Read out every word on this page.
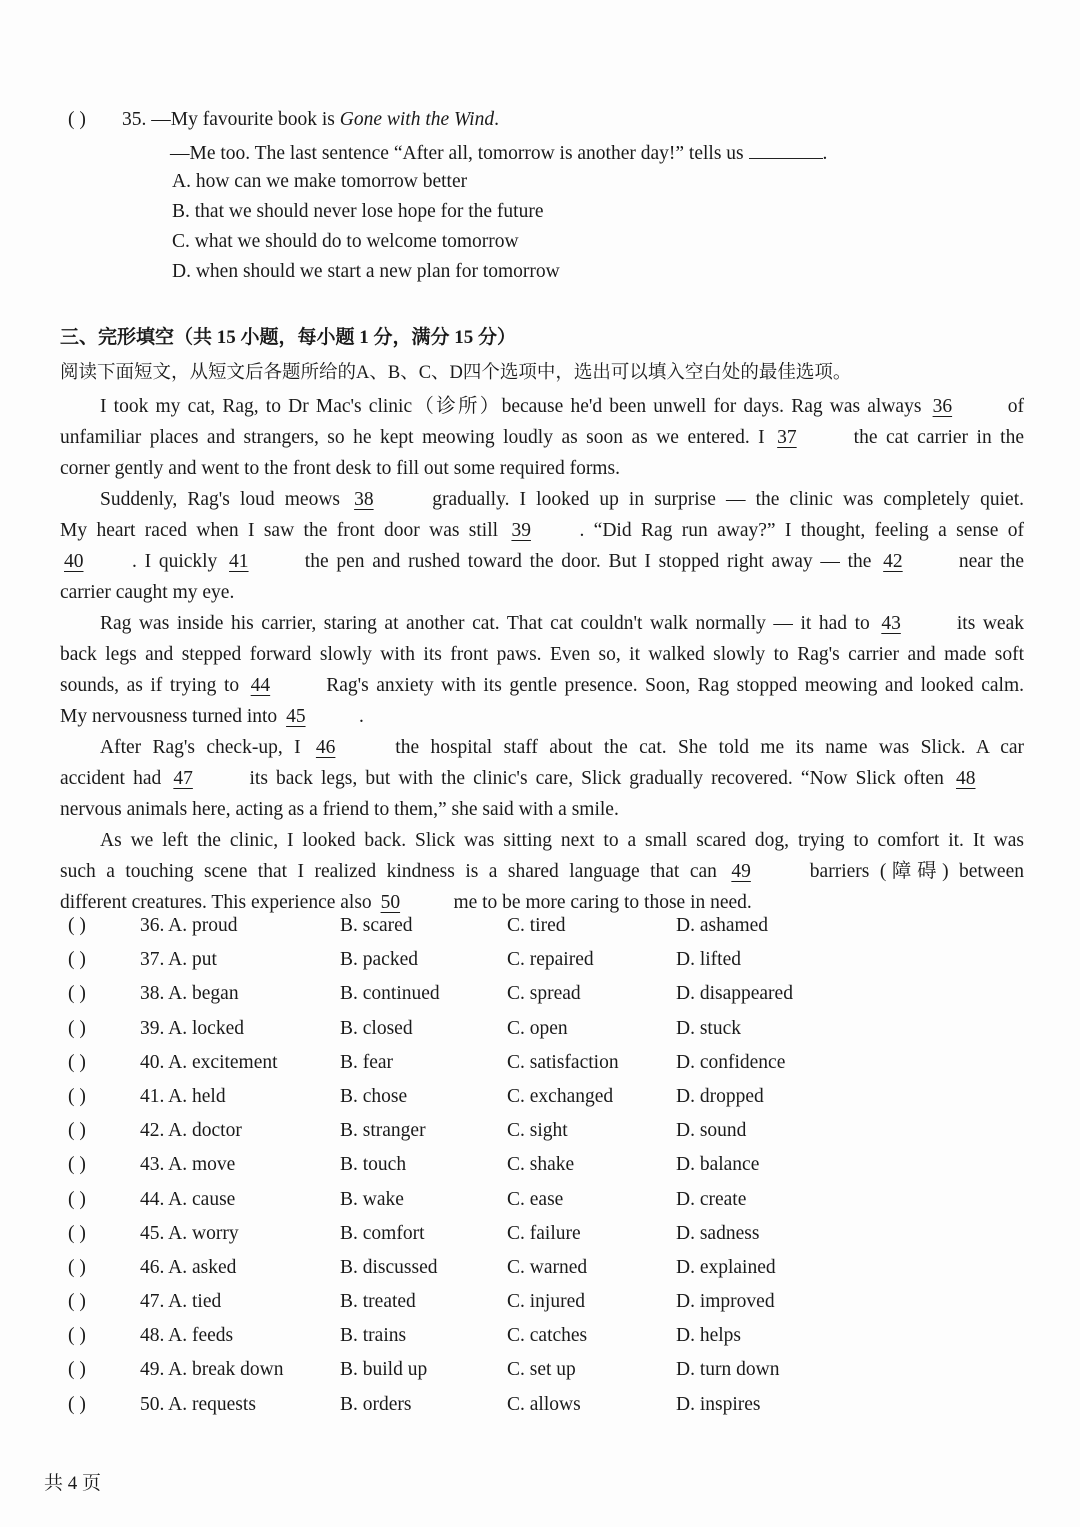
( ) 35. —My favourite book is Gone with the Wind.
—Me too. The last sentence “After all, tomorrow is another day!” tells us	.
A. how can we make tomorrow better
B. that we should never lose hope for the future
C. what we should do to welcome tomorrow
D. when should we start a new plan for tomorrow
三、完形填空（共 15 小题，每小题 1 分，满分 15 分）
阅读下面短文，从短文后各题所给的A、B、C、D四个选项中，选出可以填入空白处的最佳选项。
I took my cat, Rag, to Dr Mac's clinic（诊所）because he'd been unwell for days. Rag was always 36 of
unfamiliar places and strangers, so he kept meowing loudly as soon as we entered. I 37 the cat carrier in the
corner gently and went to the front desk to fill out some required forms.
Suddenly, Rag's loud meows 38 gradually. I looked up in surprise — the clinic was completely quiet.
My heart raced when I saw the front door was still 39 . “Did Rag run away?” I thought, feeling a sense of
40 . I quickly 41 the pen and rushed toward the door. But I stopped right away — the 42 near the
carrier caught my eye.
Rag was inside his carrier, staring at another cat. That cat couldn't walk normally — it had to 43 its weak
back legs and stepped forward slowly with its front paws. Even so, it walked slowly to Rag's carrier and made soft
sounds, as if trying to 44 Rag's anxiety with its gentle presence. Soon, Rag stopped meowing and looked calm.
My nervousness turned into 45 .
After Rag's check-up, I 46 the hospital staff about the cat. She told me its name was Slick. A car
accident had 47 its back legs, but with the clinic's care, Slick gradually recovered. “Now Slick often 48
nervous animals here, acting as a friend to them,” she said with a smile.
As we left the clinic, I looked back. Slick was sitting next to a small scared dog, trying to comfort it. It was
such a touching scene that I realized kindness is a shared language that can 49 barriers (障碍) between
different creatures. This experience also 50 me to be more caring to those in need.
( )	36. A. proud	B. scared	C. tired	D. ashamed
( )	37. A. put	B. packed	C. repaired	D. lifted
( )	38. A. began	B. continued	C. spread	D. disappeared
( )	39. A. locked	B. closed	C. open	D. stuck
( )	40. A. excitement	B. fear	C. satisfaction	D. confidence
( )	41. A. held	B. chose	C. exchanged	D. dropped
( )	42. A. doctor	B. stranger	C. sight	D. sound
( )	43. A. move	B. touch	C. shake	D. balance
( )	44. A. cause	B. wake	C. ease	D. create
( )	45. A. worry	B. comfort	C. failure	D. sadness
( )	46. A. asked	B. discussed	C. warned	D. explained
( )	47. A. tied	B. treated	C. injured	D. improved
( )	48. A. feeds	B. trains	C. catches	D. helps
( )	49. A. break down	B. build up	C. set up	D. turn down
( )	50. A. requests	B. orders	C. allows	D. inspires
共 4 页
